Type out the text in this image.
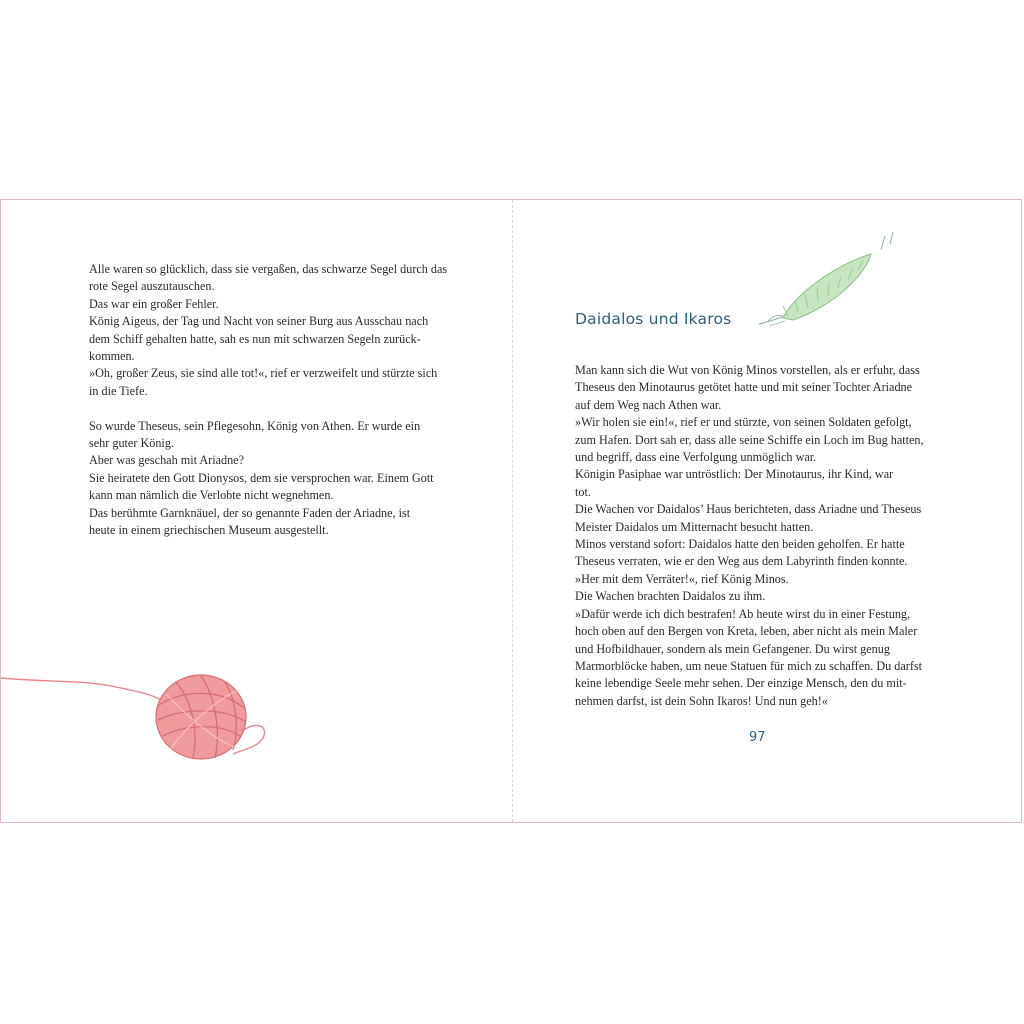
Alle waren so glücklich, dass sie vergaßen, das schwarze Segel durch das

rote Segel auszutauschen.

Das war ein großer Fehler.

König Aigeus, der Tag und Nacht von seiner Burg aus Ausschau nach

dem Schiff gehalten hatte, sah es nun mit schwarzen Segeln zurück-

kommen.

»Oh, großer Zeus, sie sind alle tot!«, rief er verzweifelt und stürzte sich

in die Tiefe.

So wurde Theseus, sein Pflegesohn, König von Athen. Er wurde ein

sehr guter König.

Aber was geschah mit Ariadne?

Sie heiratete den Gott Dionysos, dem sie versprochen war. Einem Gott

kann man nämlich die Verlobte nicht wegnehmen.

Das berühmte Garnknäuel, der so genannte Faden der Ariadne, ist

heute in einem griechischen Museum ausgestellt.

Daidalos und Ikaros

Man kann sich die Wut von König Minos vorstellen, als er erfuhr, dass

Theseus den Minotaurus getötet hatte und mit seiner Tochter Ariadne

auf dem Weg nach Athen war.

»Wir holen sie ein!«, rief er und stürzte, von seinen Soldaten gefolgt,

zum Hafen. Dort sah er, dass alle seine Schiffe ein Loch im Bug hatten,

und begriff, dass eine Verfolgung unmöglich war.

Königin Pasiphae war untröstlich: Der Minotaurus, ihr Kind, war

tot.

Die Wachen vor Daidalos’ Haus berichteten, dass Ariadne und Theseus

Meister Daidalos um Mitternacht besucht hatten.

Minos verstand sofort: Daidalos hatte den beiden geholfen. Er hatte

Theseus verraten, wie er den Weg aus dem Labyrinth finden konnte.

»Her mit dem Verräter!«, rief König Minos.

Die Wachen brachten Daidalos zu ihm.

»Dafür werde ich dich bestrafen! Ab heute wirst du in einer Festung,

hoch oben auf den Bergen von Kreta, leben, aber nicht als mein Maler

und Hofbildhauer, sondern als mein Gefangener. Du wirst genug

Marmorblöcke haben, um neue Statuen für mich zu schaffen. Du darfst

keine lebendige Seele mehr sehen. Der einzige Mensch, den du mit-

nehmen darfst, ist dein Sohn Ikaros! Und nun geh!«

97
